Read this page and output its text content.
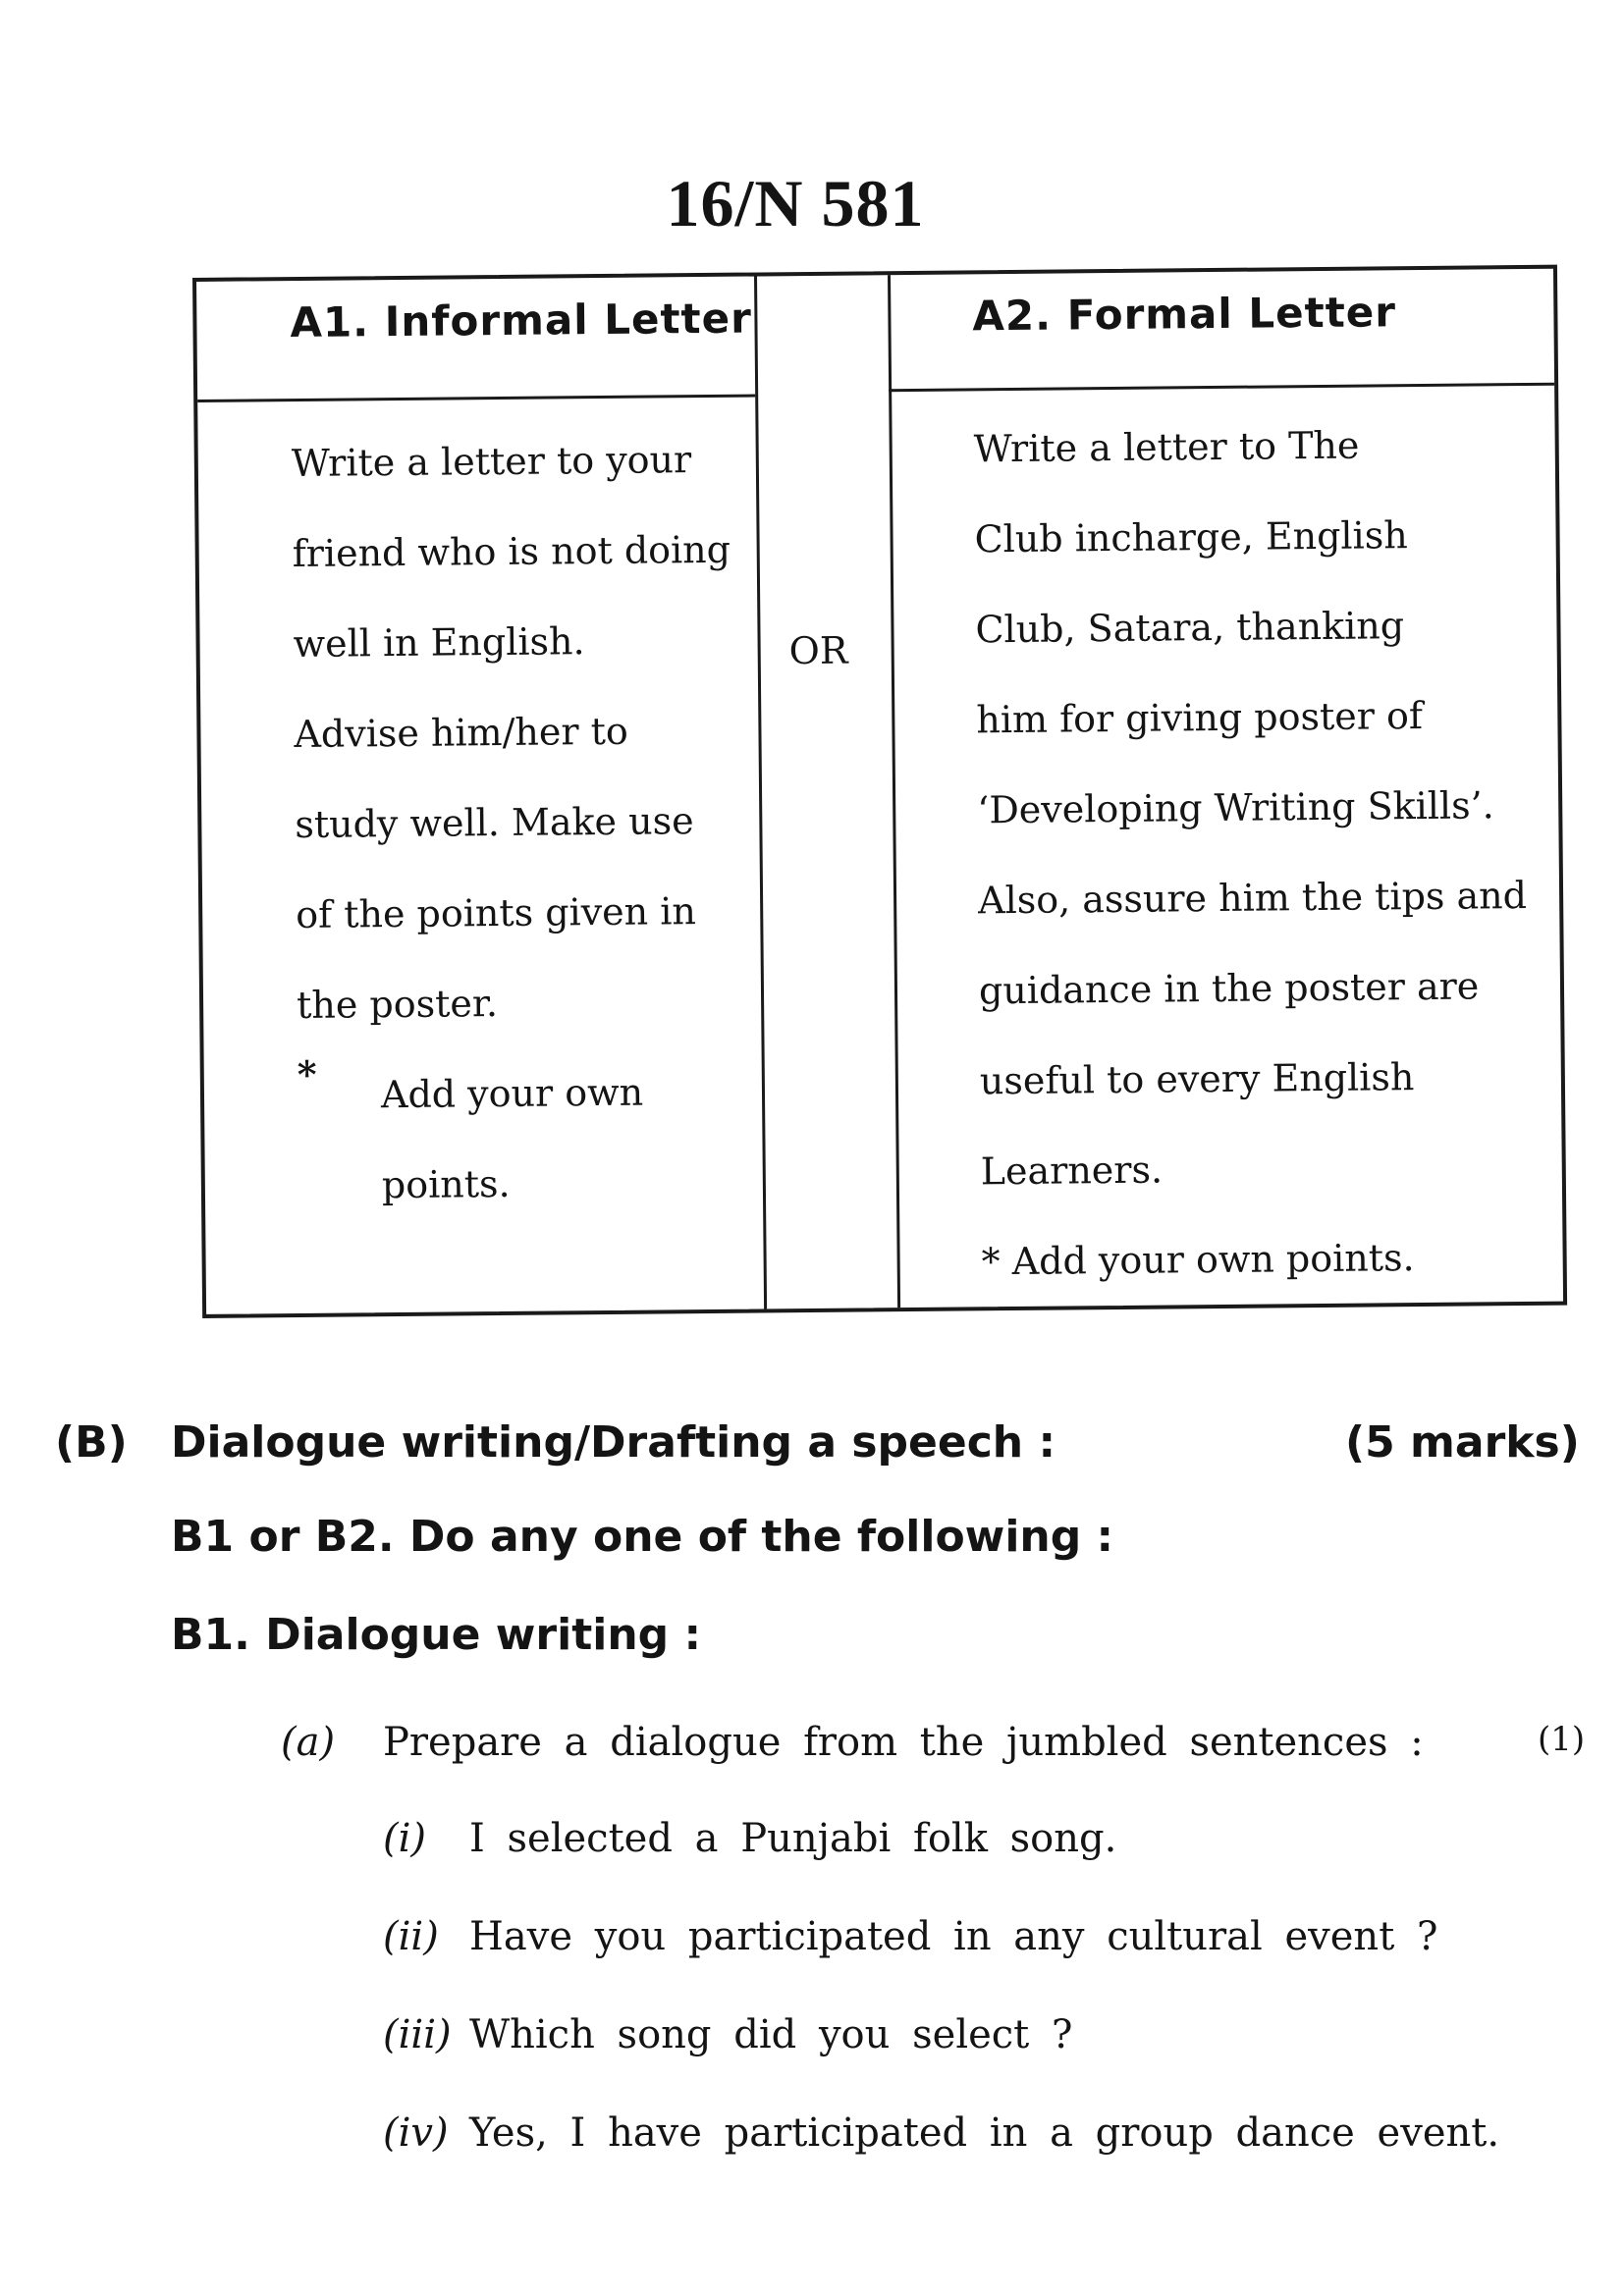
16/N 581
A1. Informal Letter	A2. Formal Letter
Write a letter to your
friend who is not doing
well in English.
Advise him/her to
study well. Make use
of the points given in
the poster.
* Add your own
points.
OR
Write a letter to The
Club incharge, English
Club, Satara, thanking
him for giving poster of
‘Developing Writing Skills’.
Also, assure him the tips and
guidance in the poster are
useful to every English
Learners.
* Add your own points.
(B) Dialogue writing/Drafting a speech :	(5 marks)
B1 or B2. Do any one of the following :
B1. Dialogue writing :
(a) Prepare a dialogue from the jumbled sentences :	(1)
(i) I selected a Punjabi folk song.
(ii) Have you participated in any cultural event ?
(iii) Which song did you select ?
(iv) Yes, I have participated in a group dance event.
